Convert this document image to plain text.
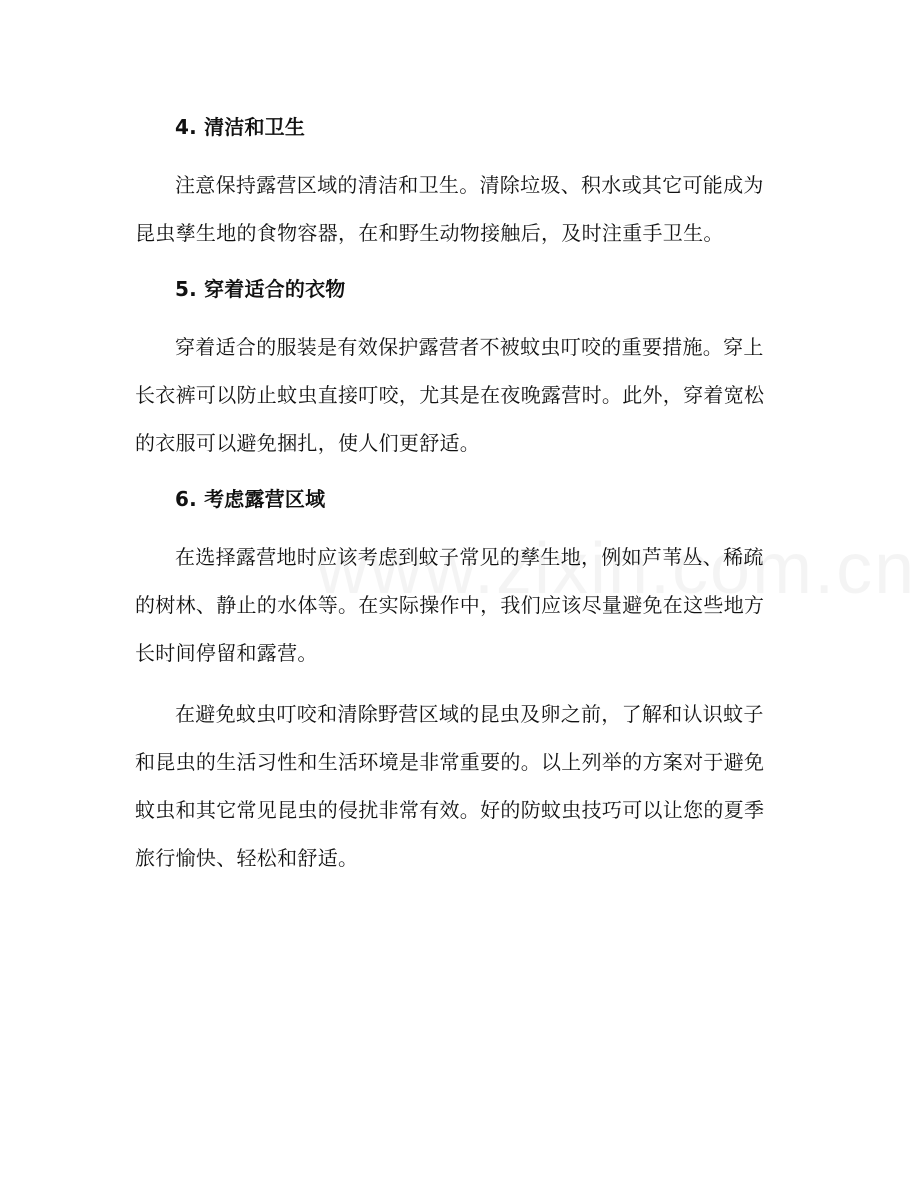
4. 清洁和卫生

注意保持露营区域的清洁和卫生。清除垃圾、积水或其它可能成为昆虫孳生地的食物容器，在和野生动物接触后，及时注重手卫生。

5. 穿着适合的衣物

穿着适合的服装是有效保护露营者不被蚊虫叮咬的重要措施。穿上长衣裤可以防止蚊虫直接叮咬，尤其是在夜晚露营时。此外，穿着宽松的衣服可以避免捆扎，使人们更舒适。

6. 考虑露营区域

在选择露营地时应该考虑到蚊子常见的孳生地，例如芦苇丛、稀疏的树林、静止的水体等。在实际操作中，我们应该尽量避免在这些地方长时间停留和露营。

在避免蚊虫叮咬和清除野营区域的昆虫及卵之前，了解和认识蚊子和昆虫的生活习性和生活环境是非常重要的。以上列举的方案对于避免蚊虫和其它常见昆虫的侵扰非常有效。好的防蚊虫技巧可以让您的夏季旅行愉快、轻松和舒适。
